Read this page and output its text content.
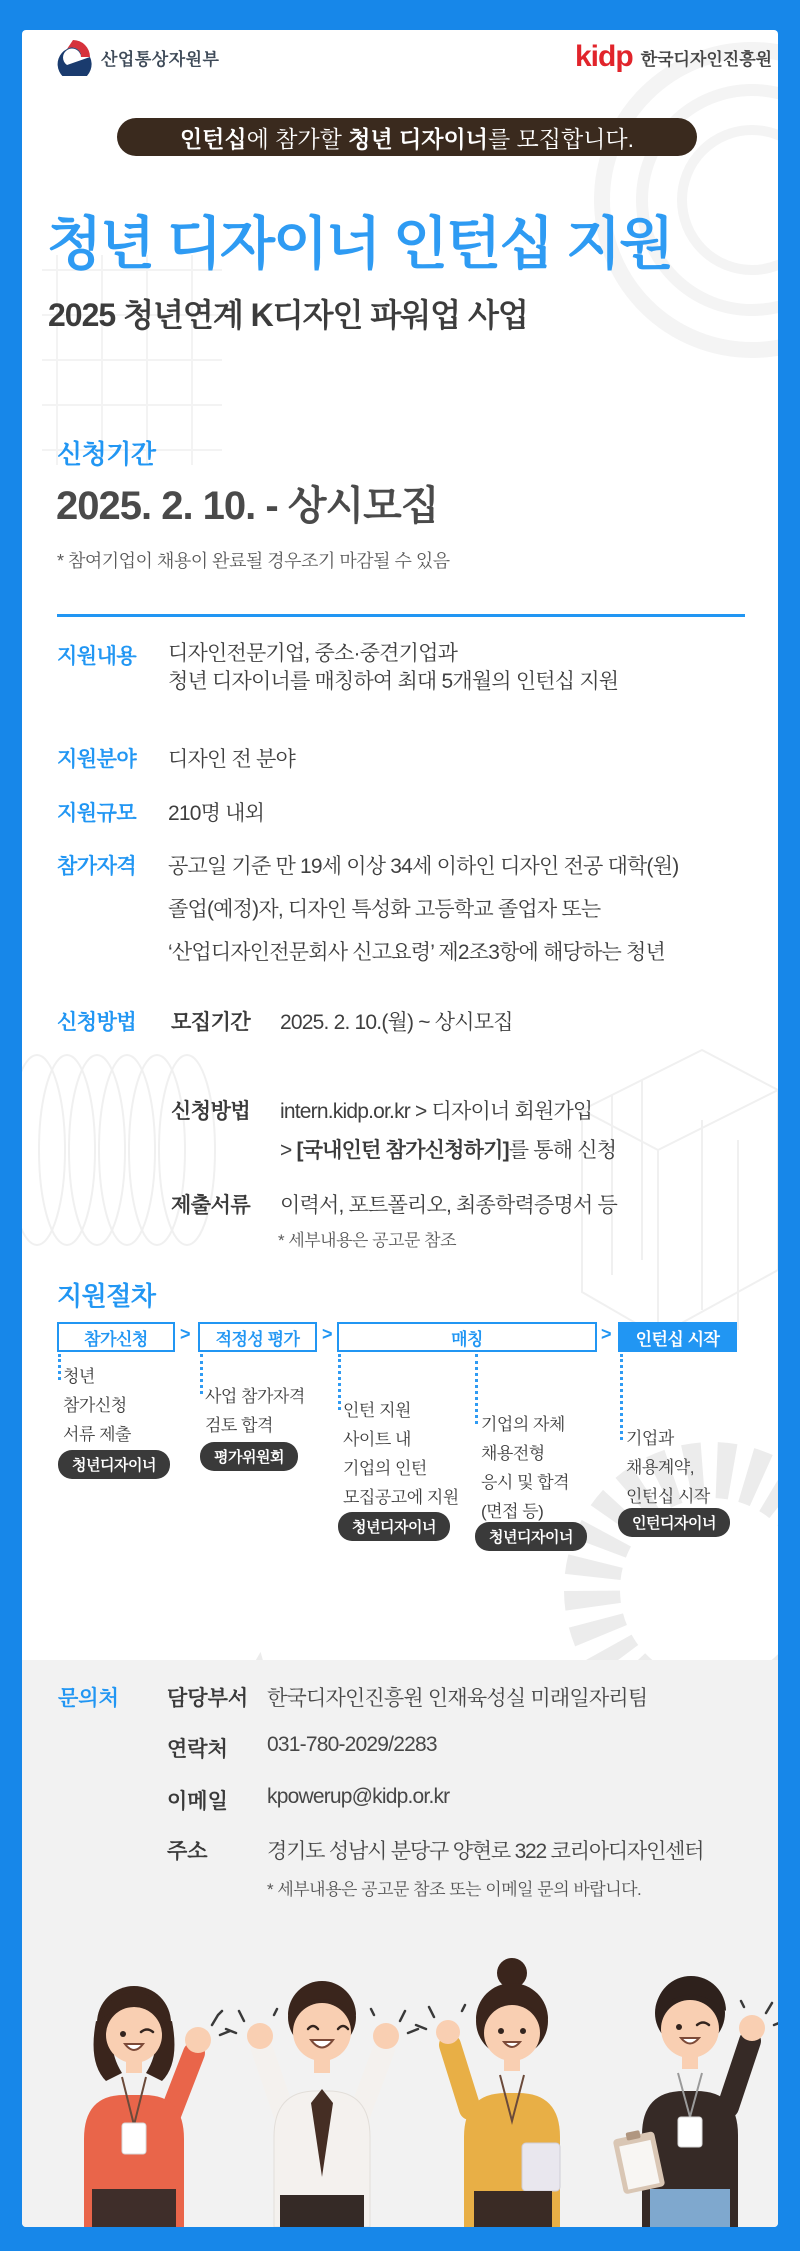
산업통상자원부	kidp 한국디자인진흥원
인턴십 에 참가할 청년 디자이너 를 모집합니다.
청년 디자이너 인턴십 지원
2025 청년연계 K디자인 파워업 사업
신청기간
2025. 2. 10. - 상시모집
* 참여기업이 채용이 완료될 경우조기 마감될 수 있음
지원내용 디자인전문기업, 중소·중견기업과
청년 디자이너를 매칭하여 최대 5개월의 인턴십 지원
지원분야 디자인 전 분야
지원규모 210명 내외
참가자격 공고일 기준 만 19세 이상 34세 이하인 디자인 전공 대학(원)
졸업(예정)자, 디자인 특성화 고등학교 졸업자 또는
‘산업디자인전문회사 신고요령’ 제2조3항에 해당하는 청년
신청방법 모집기간 2025. 2. 10.(월) ~ 상시모집
신청방법 intern.kidp.or.kr > 디자이너 회원가입
> [국내인턴 참가신청하기]를 통해 신청
제출서류 이력서, 포트폴리오, 최종학력증명서 등
* 세부내용은 공고문 참조
지원절차
참가신청	>	적정성 평가	>	매칭	>	인턴십 시작
청년
참가신청
서류 제출
청년디자이너
사업 참가자격
검토 합격
평가위원회
인턴 지원
사이트 내
기업의 인턴
모집공고에 지원
청년디자이너
기업의 자체
채용전형
응시 및 합격
(면접 등)
청년디자이너
기업과
채용계약,
인턴십 시작
인턴디자이너
문의처	담당부서 한국디자인진흥원 인재육성실 미래일자리팀
연락처	031-780-2029/2283
이메일	kpowerup@kidp.or.kr
주소	경기도 성남시 분당구 양현로 322 코리아디자인센터
* 세부내용은 공고문 참조 또는 이메일 문의 바랍니다.
